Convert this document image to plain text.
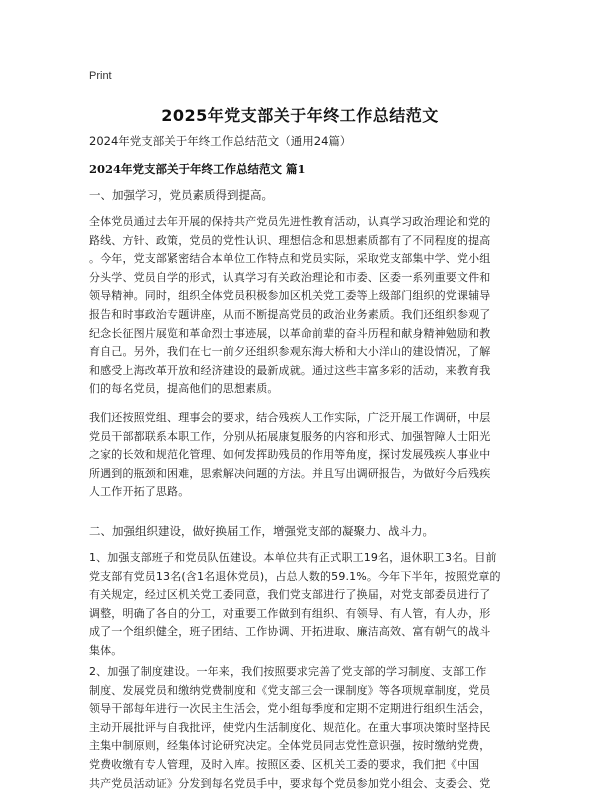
Print
2025年党支部关于年终工作总结范文
2024年党支部关于年终工作总结范文（通用24篇）
2024年党支部关于年终工作总结范文 篇1
一、加强学习，党员素质得到提高。
全体党员通过去年开展的保持共产党员先进性教育活动，认真学习政治理论和党的
路线、方针、政策，党员的党性认识、理想信念和思想素质都有了不同程度的提高
。今年，党支部紧密结合本单位工作特点和党员实际，采取党支部集中学、党小组
分头学、党员自学的形式，认真学习有关政治理论和市委、区委一系列重要文件和
领导精神。同时，组织全体党员积极参加区机关党工委等上级部门组织的党课辅导
报告和时事政治专题讲座，从而不断提高党员的政治业务素质。我们还组织参观了
纪念长征图片展览和革命烈士事迹展，以革命前辈的奋斗历程和献身精神勉励和教
育自己。另外，我们在七一前夕还组织参观东海大桥和大小洋山的建设情况，了解
和感受上海改革开放和经济建设的最新成就。通过这些丰富多彩的活动，来教育我
们的每名党员，提高他们的思想素质。
我们还按照党组、理事会的要求，结合残疾人工作实际，广泛开展工作调研，中层
党员干部都联系本职工作，分别从拓展康复服务的内容和形式、加强智障人士阳光
之家的长效和规范化管理、如何发挥助残员的作用等角度，探讨发展残疾人事业中
所遇到的瓶颈和困难，思索解决问题的方法。并且写出调研报告，为做好今后残疾
人工作开拓了思路。
二、加强组织建设，做好换届工作，增强党支部的凝聚力、战斗力。
1、加强支部班子和党员队伍建设。本单位共有正式职工19名，退休职工3名。目前
党支部有党员13名(含1名退休党员)，占总人数的59.1%。今年下半年，按照党章的
有关规定，经过区机关党工委同意，我们党支部进行了换届，对党支部委员进行了
调整，明确了各自的分工，对重要工作做到有组织、有领导、有人管，有人办，形
成了一个组织健全，班子团结、工作协调、开拓进取、廉洁高效、富有朝气的战斗
集体。
2、加强了制度建设。一年来，我们按照要求完善了党支部的学习制度、支部工作
制度、发展党员和缴纳党费制度和《党支部三会一课制度》等各项规章制度，党员
领导干部每年进行一次民主生活会，党小组每季度和定期不定期进行组织生活会，
主动开展批评与自我批评，使党内生活制度化、规范化。在重大事项决策时坚持民
主集中制原则，经集体讨论研究决定。全体党员同志党性意识强，按时缴纳党费，
党费收缴有专人管理，及时入库。按照区委、区机关工委的要求，我们把《中国
共产党员活动证》分发到每名党员手中，要求每个党员参加党小组会、支委会、党
